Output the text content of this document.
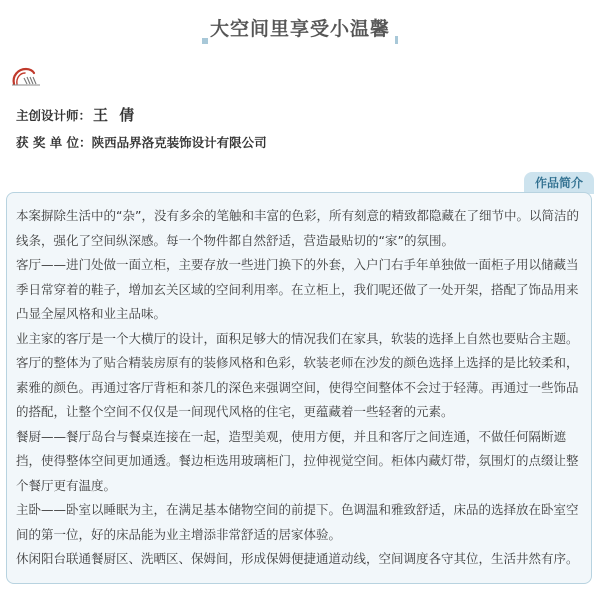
大空间里享受小温馨
主创设计师： 王 倩
获 奖 单 位：陕西品界洛克装饰设计有限公司
作品简介

本案摒除生活中的“杂”，没有多余的笔触和丰富的色彩，所有刻意的精致都隐藏在了细节中。以简洁的线条，强化了空间纵深感。每一个物件都自然舒适，营造最贴切的“家”的氛围。

客厅——进门处做一面立柜，主要存放一些进门换下的外套，入户门右手年单独做一面柜子用以储藏当季日常穿着的鞋子，增加玄关区域的空间利用率。在立柜上，我们呢还做了一处开架，搭配了饰品用来凸显全屋风格和业主品味。

业主家的客厅是一个大横厅的设计，面积足够大的情况我们在家具，软装的选择上自然也要贴合主题。

客厅的整体为了贴合精装房原有的装修风格和色彩，软装老师在沙发的颜色选择上选择的是比较柔和，素雅的颜色。再通过客厅背柜和茶几的深色来强调空间，使得空间整体不会过于轻薄。再通过一些饰品的搭配，让整个空间不仅仅是一间现代风格的住宅，更蕴藏着一些轻奢的元素。

餐厨——餐厅岛台与餐桌连接在一起，造型美观，使用方便，并且和客厅之间连通，不做任何隔断遮挡，使得整体空间更加通透。餐边柜选用玻璃柜门，拉伸视觉空间。柜体内藏灯带，氛围灯的点缀让整个餐厅更有温度。

主卧——卧室以睡眠为主，在满足基本储物空间的前提下。色调温和雅致舒适，床品的选择放在卧室空间的第一位，好的床品能为业主增添非常舒适的居家体验。

休闲阳台联通餐厨区、洗晒区、保姆间，形成保姆便捷通道动线，空间调度各守其位，生活井然有序。
